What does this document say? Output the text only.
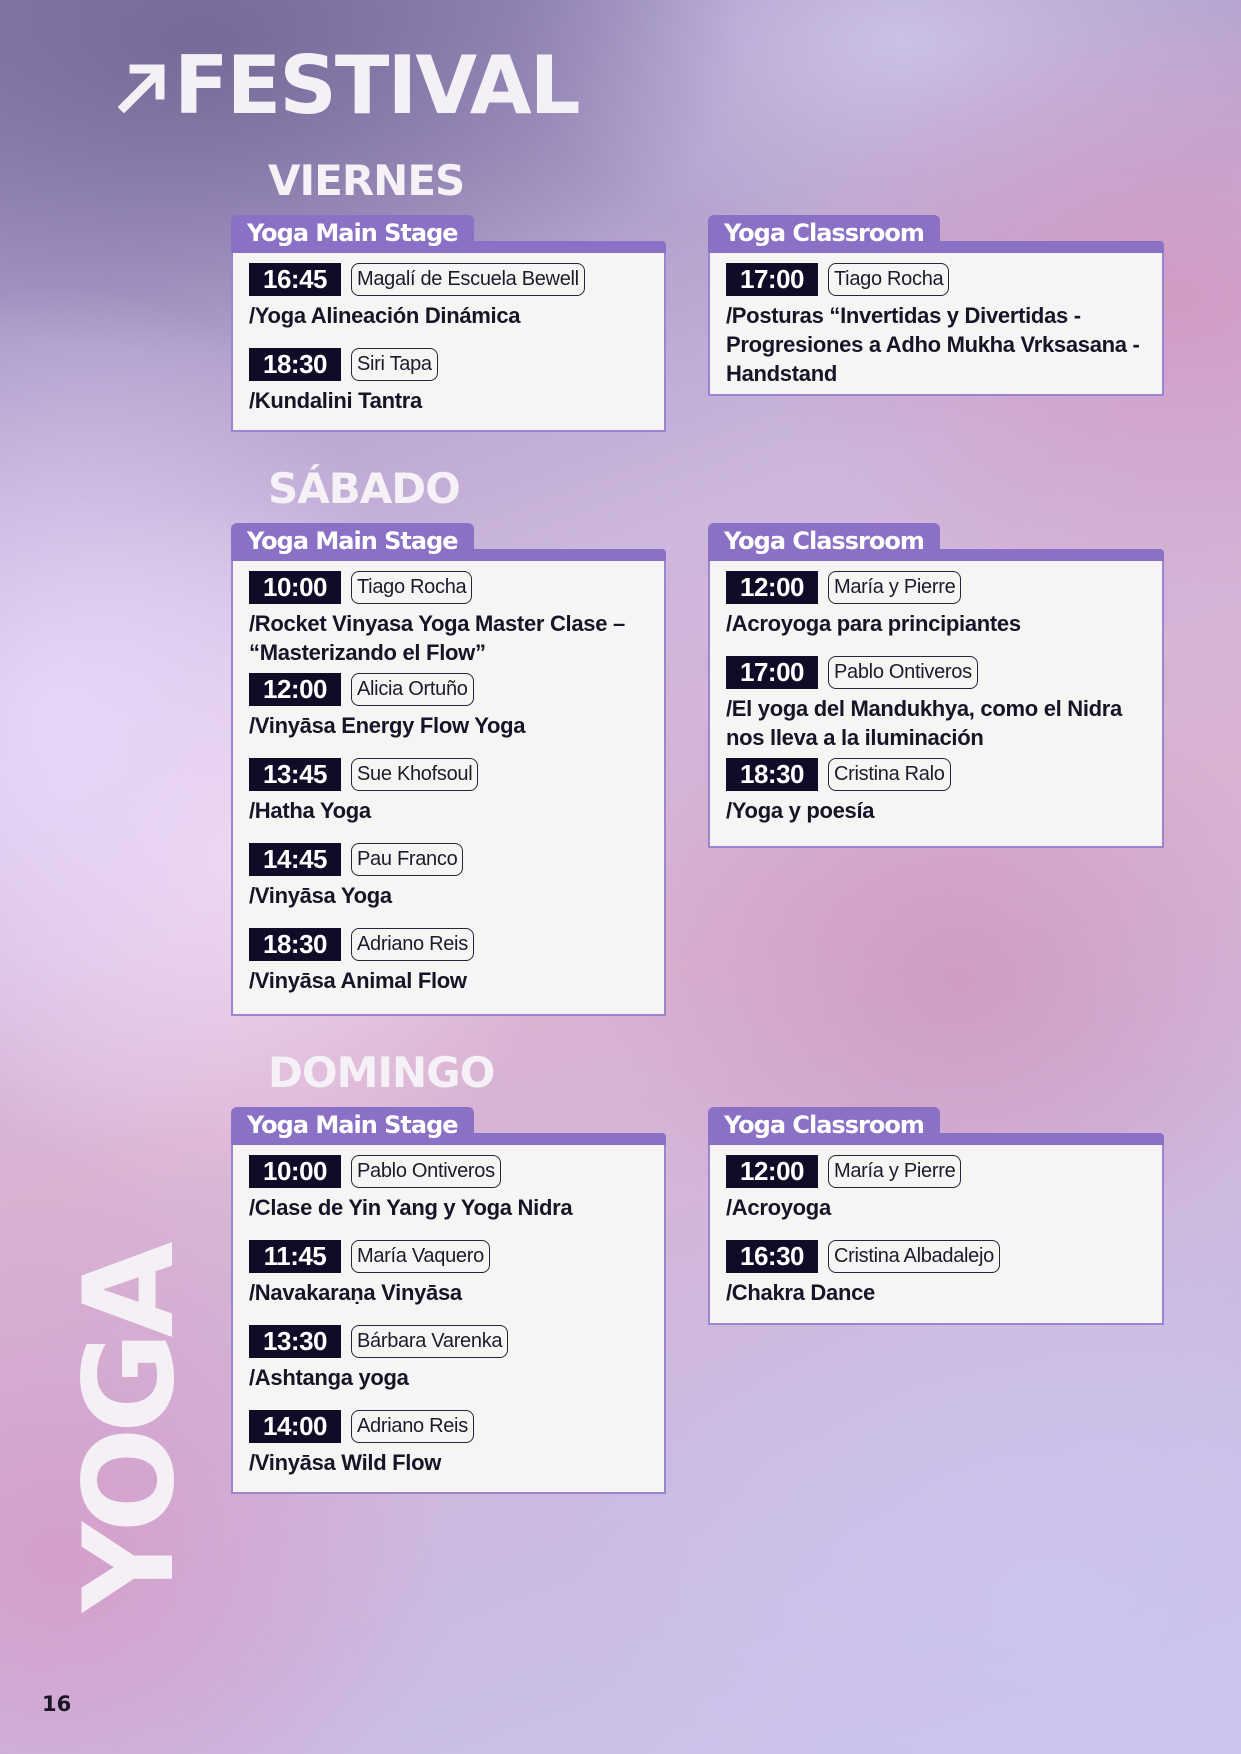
FESTIVAL
VIERNES
Yoga Main Stage
16:45	Magalí de Escuela Bewell
/Yoga Alineación Dinámica
18:30	Siri Tapa
/Kundalini Tantra
Yoga Classroom
17:00	Tiago Rocha
/Posturas “Invertidas y Divertidas - Progresiones a Adho Mukha Vrksasana - Handstand
SÁBADO
Yoga Main Stage
10:00	Tiago Rocha
/Rocket Vinyasa Yoga Master Clase – “Masterizando el Flow”
12:00	Alicia Ortuño
/Vinyāsa Energy Flow Yoga
13:45	Sue Khofsoul
/Hatha Yoga
14:45	Pau Franco
/Vinyāsa Yoga
18:30	Adriano Reis
/Vinyāsa Animal Flow
Yoga Classroom
12:00	María y Pierre
/Acroyoga para principiantes
17:00	Pablo Ontiveros
/El yoga del Mandukhya, como el Nidra nos lleva a la iluminación
18:30	Cristina Ralo
/Yoga y poesía
DOMINGO
Yoga Main Stage
10:00	Pablo Ontiveros
/Clase de Yin Yang y Yoga Nidra
11:45	María Vaquero
/Navakaraṇa Vinyāsa
13:30	Bárbara Varenka
/Ashtanga yoga
14:00	Adriano Reis
/Vinyāsa Wild Flow
Yoga Classroom
12:00	María y Pierre
/Acroyoga
16:30	Cristina Albadalejo
/Chakra Dance
YOGA
16
